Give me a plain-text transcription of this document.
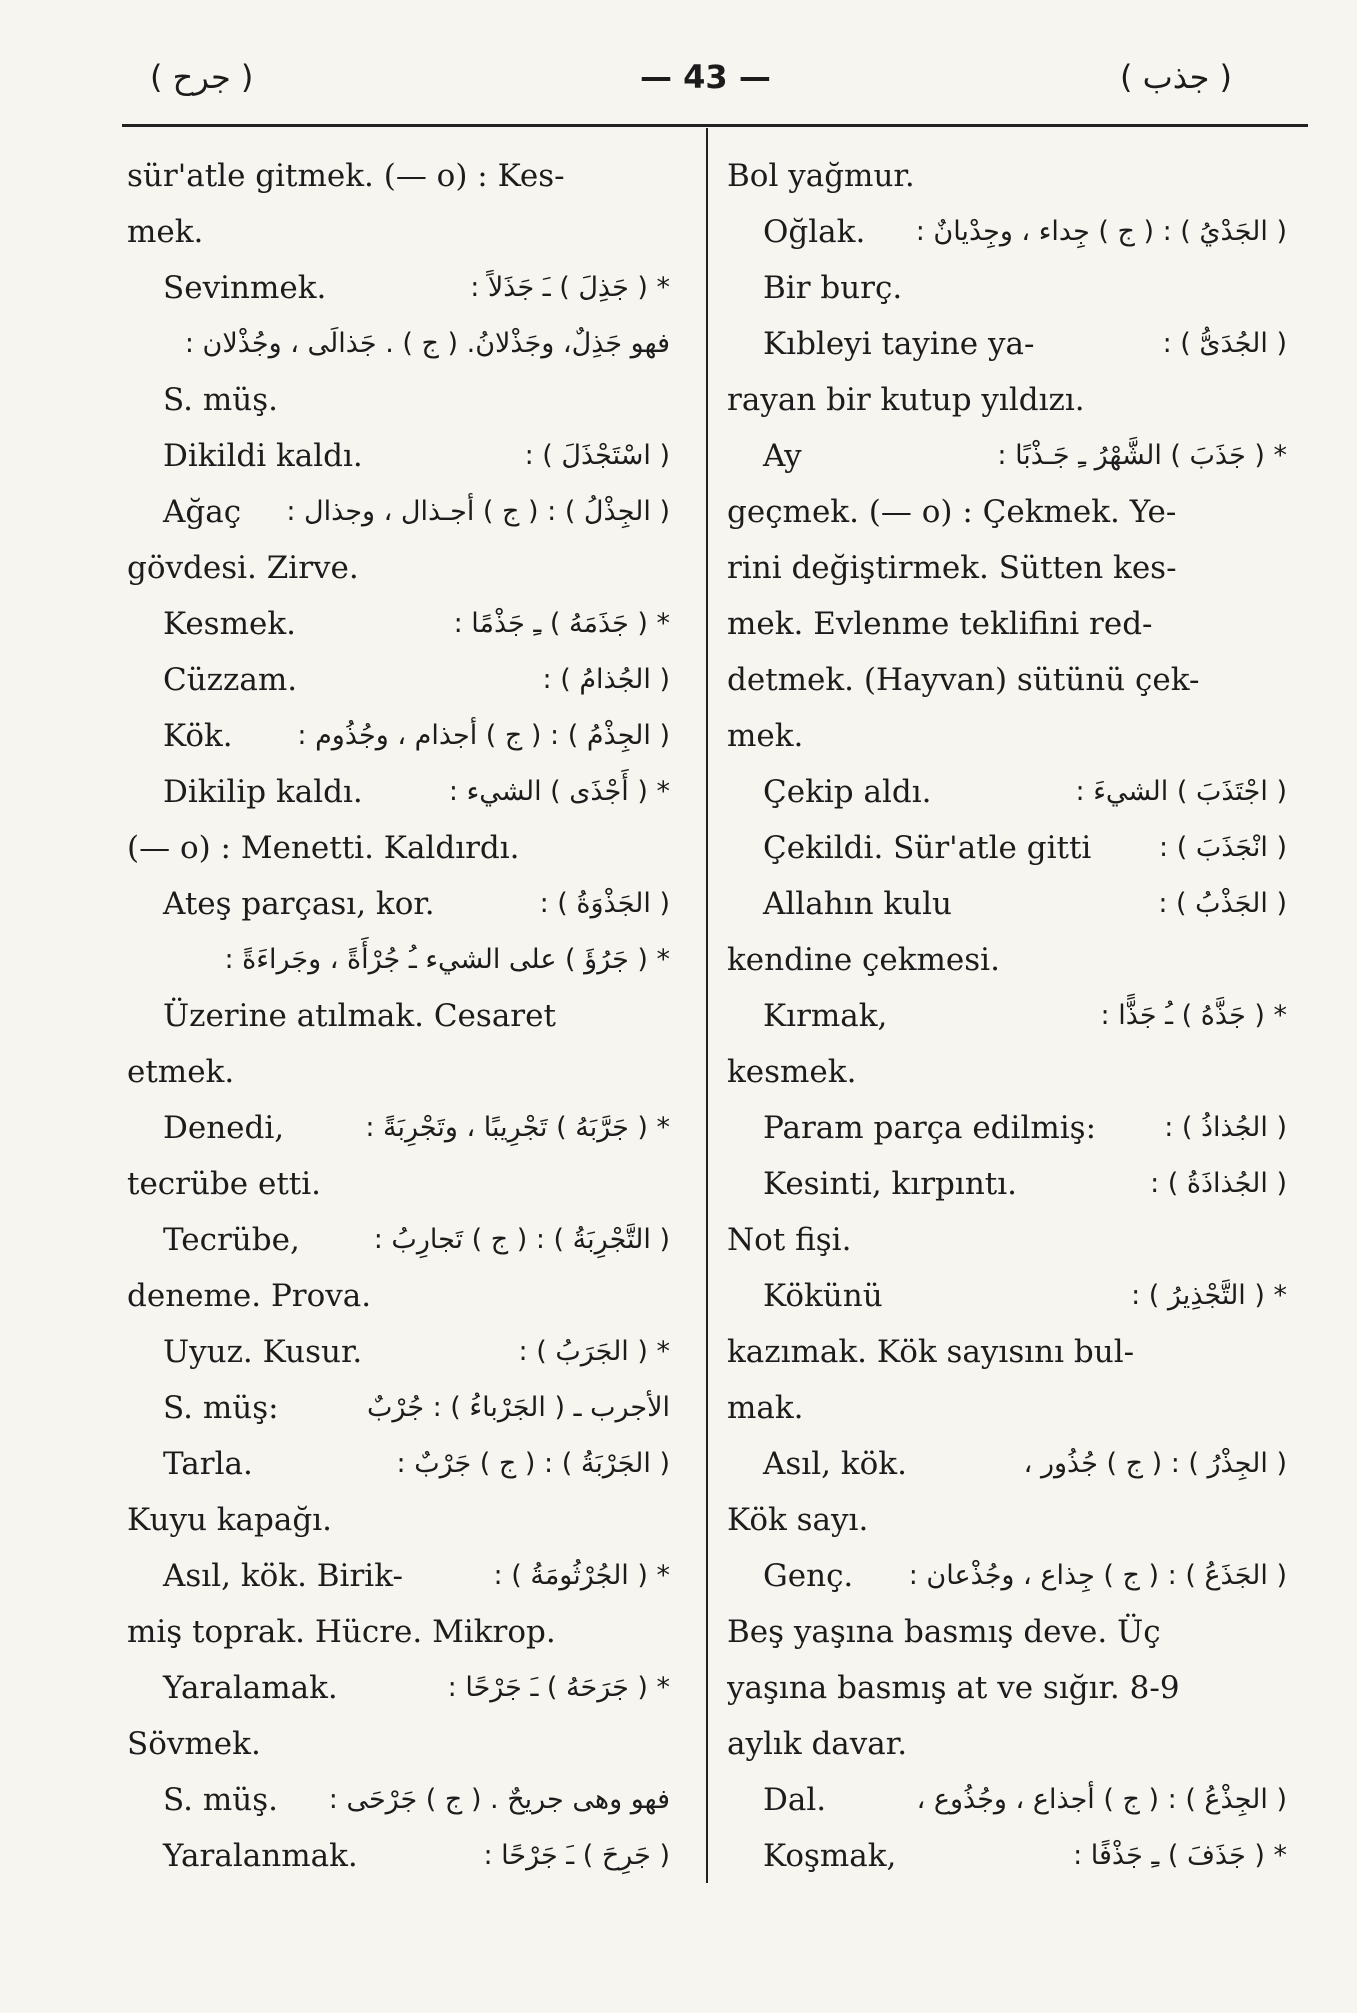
( جرح )	— 43 —	( جذب )
sür'atle gitmek. (— o) : Kes-
mek.
Sevinmek.	* ( جَذِلَ ) ـَ جَذَلاً :
فهو جَذِلٌ، وجَذْلانُ. ( ج ) . جَذالَى ، وجُذْلان :
S. müş.
Dikildi kaldı.	( اسْتَجْذَلَ ) :
Ağaç ( الجِذْلُ ) : ( ج ) أجـذال ، وجذال :
gövdesi. Zirve.
Kesmek.	* ( جَذَمَهُ ) ـِ جَذْمًا :
Cüzzam.	( الجُذامُ ) :
Kök. ( الجِذْمُ ) : ( ج ) أجذام ، وجُذُوم :
Dikilip kaldı.	* ( أَجْذَى ) الشيء :
(— o) : Menetti. Kaldırdı.
Ateş parçası, kor.	( الجَذْوَةُ ) :
* ( جَرُؤَ ) على الشيء ـُ جُرْأَةً ، وجَراءَةً :
Üzerine atılmak. Cesaret
etmek.
Denedi,	* ( جَرَّبَهُ ) تَجْرِيبًا ، وتَجْرِبَةً :
tecrübe etti.
Tecrübe,	( التَّجْرِبَةُ ) : ( ج ) تَجارِبُ :
deneme. Prova.
Uyuz. Kusur.	* ( الجَرَبُ ) :
S. müş:	الأجرب ـ ( الجَرْباءُ ) : جُرْبٌ
Tarla.	( الجَرْبَةُ ) : ( ج ) جَرْبٌ :
Kuyu kapağı.
Asıl, kök. Birik-	* ( الجُرْثُومَةُ ) :
miş toprak. Hücre. Mikrop.
Yaralamak.	* ( جَرَحَهُ ) ـَ جَرْحًا :
Sövmek.
S. müş. فهو وهى جريحٌ . ( ج ) جَرْحَى :
Yaralanmak.	( جَرِحَ ) ـَ جَرْحًا :
Bol yağmur.
Oğlak. ( الجَدْيُ ) : ( ج ) جِداء ، وجِدْيانٌ :
Bir burç.
Kıbleyi tayine ya-	( الجُدَىُّ ) :
rayan bir kutup yıldızı.
Ay	* ( جَذَبَ ) الشَّهْرُ ـِ جَـذْبًا :
geçmek. (— o) : Çekmek. Ye-
rini değiştirmek. Sütten kes-
mek. Evlenme teklifini red-
detmek. (Hayvan) sütünü çek-
mek.
Çekip aldı.	( اجْتَذَبَ ) الشيءَ :
Çekildi. Sür'atle gitti	( انْجَذَبَ ) :
Allahın kulu	( الجَذْبُ ) :
kendine çekmesi.
Kırmak,	* ( جَذَّهُ ) ـُ جَذًّا :
kesmek.
Param parça edilmiş:	( الجُذاذُ ) :
Kesinti, kırpıntı.	( الجُذاذَةُ ) :
Not fişi.
Kökünü	* ( التَّجْذِيرُ ) :
kazımak. Kök sayısını bul-
mak.
Asıl, kök.	( الجِذْرُ ) : ( ج ) جُذُور ،
Kök sayı.
Genç. ( الجَذَعُ ) : ( ج ) جِذاع ، وجُذْعان :
Beş yaşına basmış deve. Üç
yaşına basmış at ve sığır. 8-9
aylık davar.
Dal.	( الجِذْعُ ) : ( ج ) أجذاع ، وجُذُوع ،
Koşmak,	* ( جَذَفَ ) ـِ جَذْفًا :
